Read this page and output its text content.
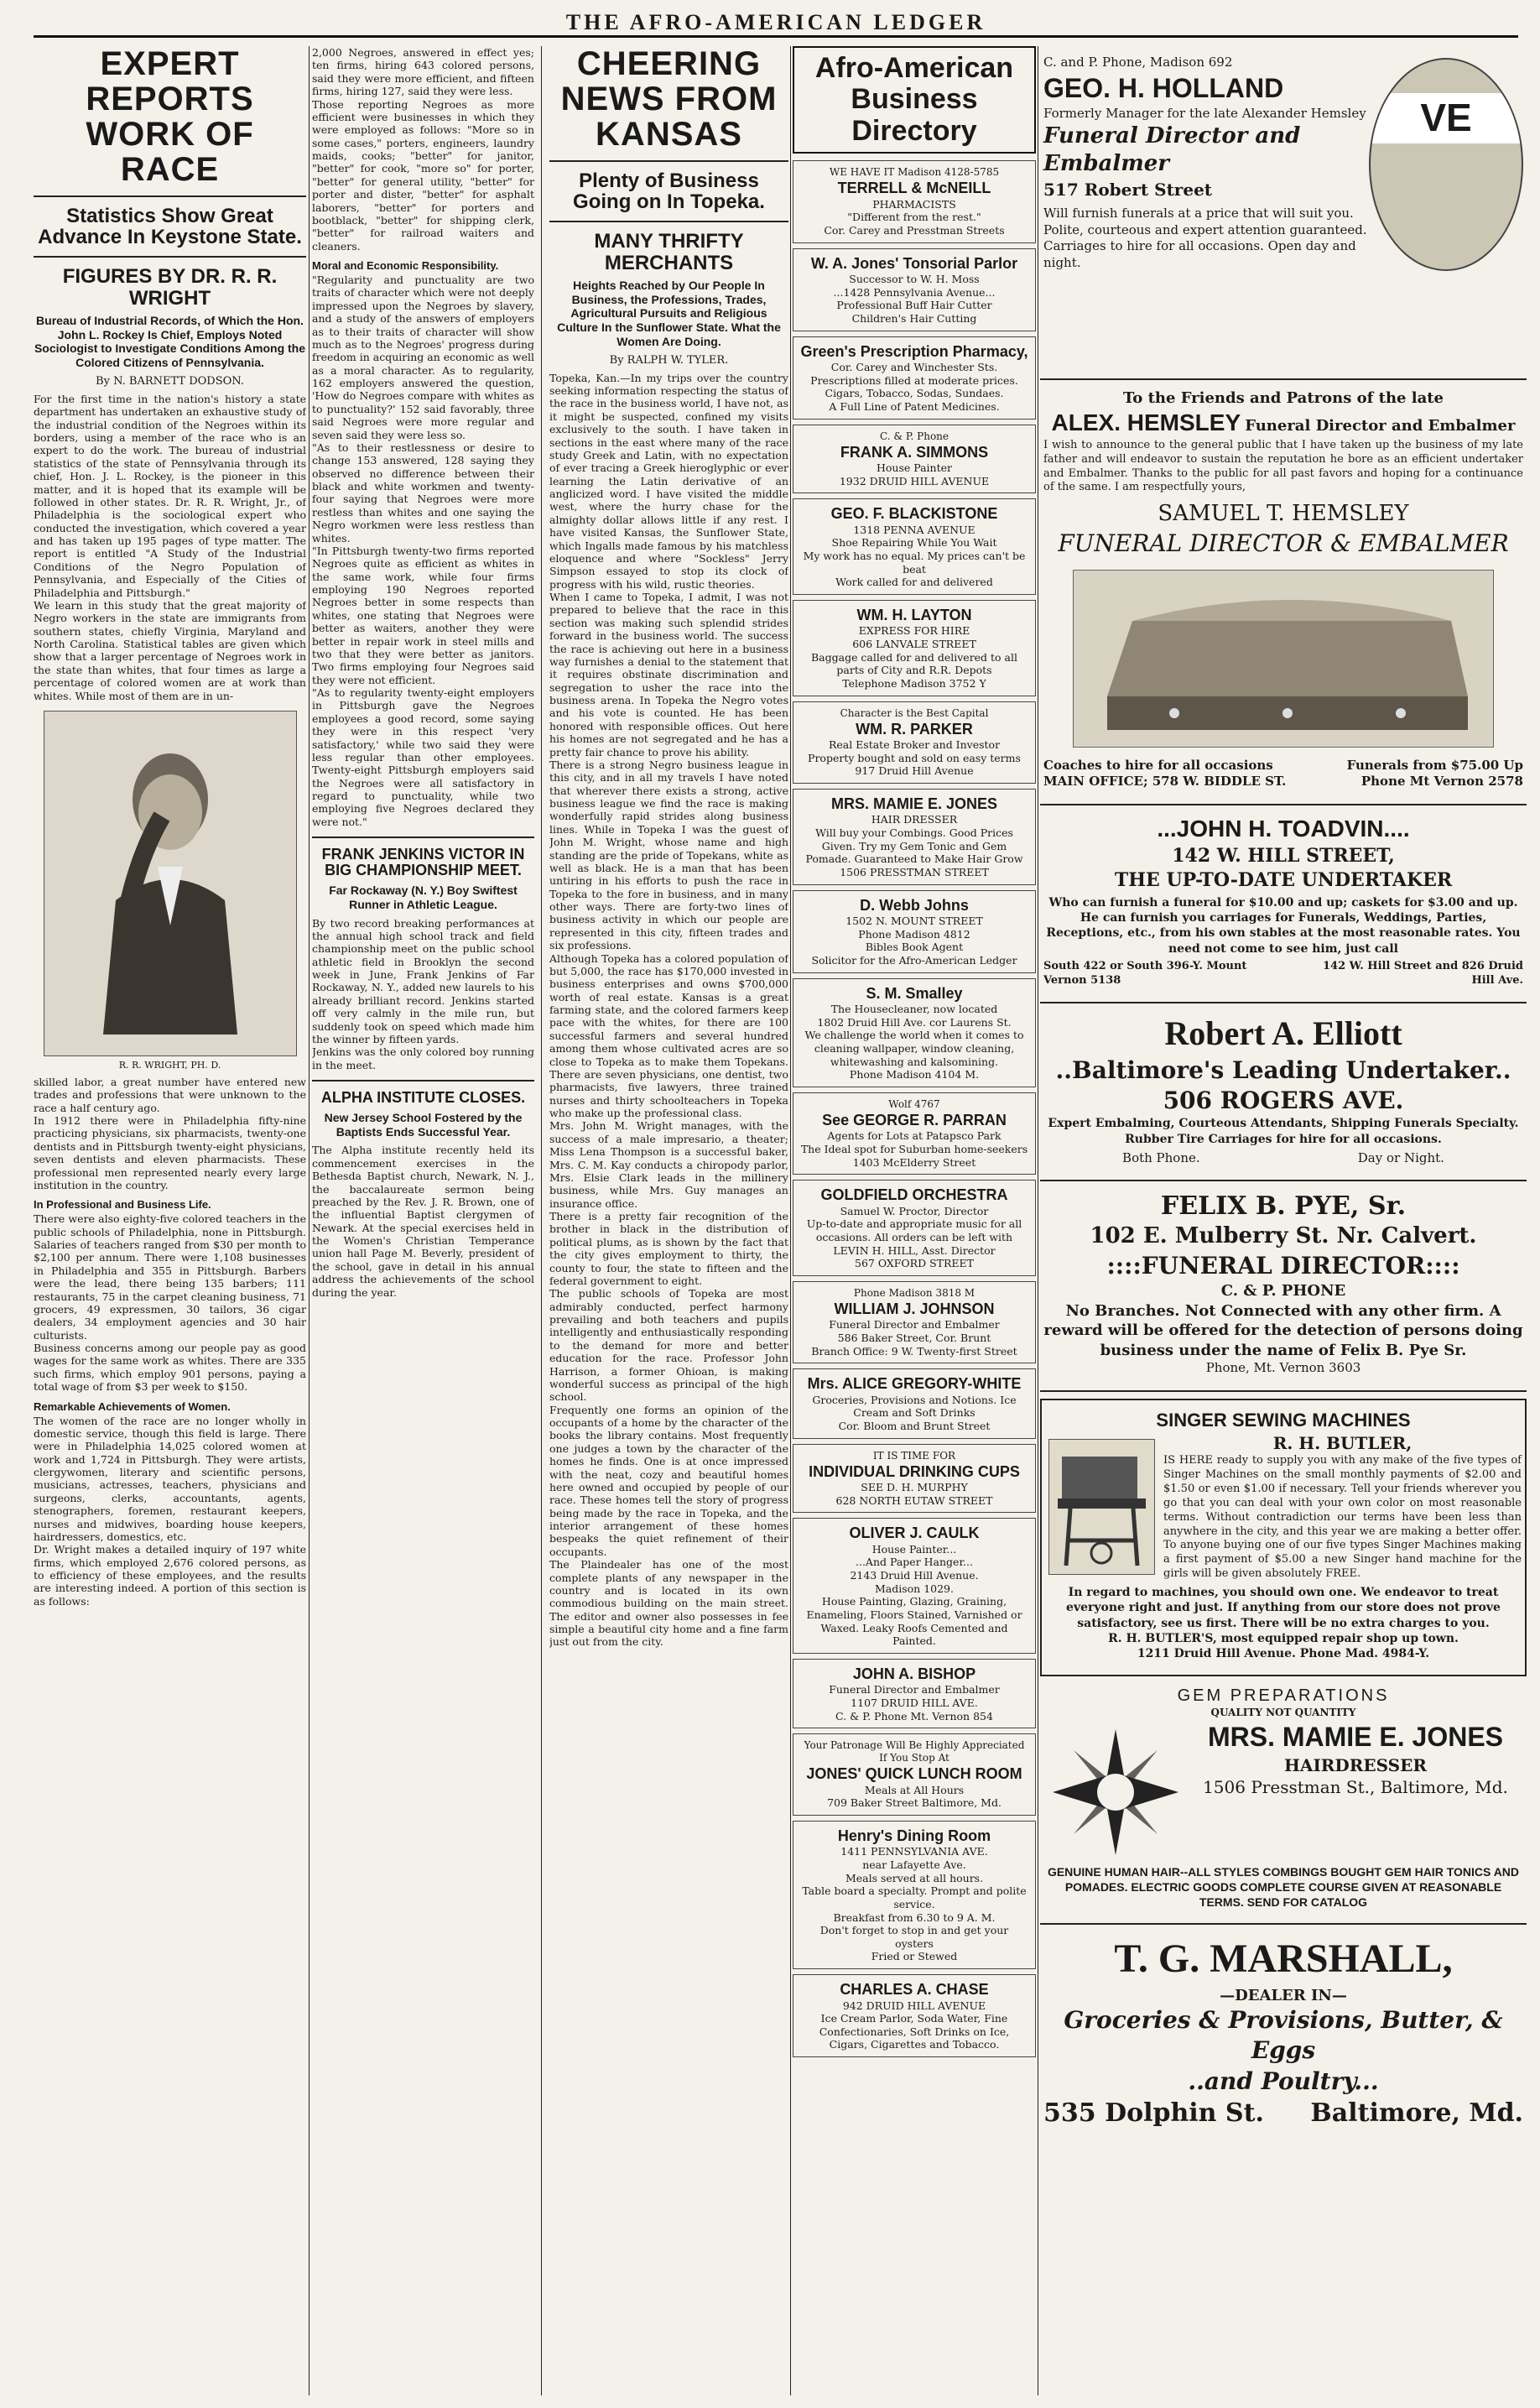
THE AFRO-AMERICAN LEDGER
EXPERT REPORTS WORK OF RACE
Statistics Show Great Advance In Keystone State.
FIGURES BY DR. R. R. WRIGHT
Bureau of Industrial Records, of Which the Hon. John L. Rockey Is Chief, Employs Noted Sociologist to Investigate Conditions Among the Colored Citizens of Pennsylvania.
By N. BARNETT DODSON.

For the first time in the nation's history a state department has undertaken an exhaustive study of the industrial condition of the Negroes within its borders, using a member of the race who is an expert to do the work. The bureau of industrial statistics of the state of Pennsylvania through its chief, Hon. J. L. Rockey, is the pioneer in this matter, and it is hoped that its example will be followed in other states. Dr. R. R. Wright, Jr., of Philadelphia is the sociological expert who conducted the investigation, which covered a year and has taken up 195 pages of type matter. The report is entitled "A Study of the Industrial Conditions of the Negro Population of Pennsylvania, and Especially of the Cities of Philadelphia and Pittsburgh."

We learn in this study that the great majority of Negro workers in the state are immigrants from southern states, chiefly Virginia, Maryland and North Carolina. Statistical tables are given which show that a larger percentage of Negroes work in the state than whites, that four times as large a percentage of colored women are at work than whites. While most of them are in un-

R. R. WRIGHT, PH. D.

skilled labor, a great number have entered new trades and professions that were unknown to the race a half century ago.

In 1912 there were in Philadelphia fifty-nine practicing physicians, six pharmacists, twenty-one dentists and in Pittsburgh twenty-eight physicians, seven dentists and eleven pharmacists. These professional men represented nearly every large institution in the country.

In Professional and Business Life.

There were also eighty-five colored teachers in the public schools of Philadelphia, none in Pittsburgh. Salaries of teachers ranged from $30 per month to $2,100 per annum. There were 1,108 businesses in Philadelphia and 355 in Pittsburgh. Barbers were the lead, there being 135 barbers; 111 restaurants, 75 in the carpet cleaning business, 71 grocers, 49 expressmen, 30 tailors, 36 cigar dealers, 34 employment agencies and 30 hair culturists.

Business concerns among our people pay as good wages for the same work as whites. There are 335 such firms, which employ 901 persons, paying a total wage of from $3 per week to $150.

Remarkable Achievements of Women.

The women of the race are no longer wholly in domestic service, though this field is large. There were in Philadelphia 14,025 colored women at work and 1,724 in Pittsburgh. They were artists, clergywomen, literary and scientific persons, musicians, actresses, teachers, physicians and surgeons, clerks, accountants, agents, stenographers, foremen, restaurant keepers, nurses and midwives, boarding house keepers, hairdressers, domestics, etc.

Dr. Wright makes a detailed inquiry of 197 white firms, which employed 2,676 colored persons, as to efficiency of these employees, and the results are interesting indeed. A portion of this section is as follows:

2,000 Negroes, answered in effect yes; ten firms, hiring 643 colored persons, said they were more efficient, and fifteen firms, hiring 127, said they were less.

Those reporting Negroes as more efficient were businesses in which they were employed as follows: "More so in some cases," porters, engineers, laundry maids, cooks; "better" for janitor, "better" for cook, "more so" for porter, "better" for general utility, "better" for porter and dister, "better" for asphalt laborers, "better" for porters and bootblack, "better" for shipping clerk, "better" for railroad waiters and cleaners.

Moral and Economic Responsibility.

"Regularity and punctuality are two traits of character which were not deeply impressed upon the Negroes by slavery, and a study of the answers of employers as to their traits of character will show much as to the Negroes' progress during freedom in acquiring an economic as well as a moral character. As to regularity, 162 employers answered the question, 'How do Negroes compare with whites as to punctuality?' 152 said favorably, three said Negroes were more regular and seven said they were less so.

"As to their restlessness or desire to change 153 answered, 128 saying they observed no difference between their black and white workmen and twenty-four saying that Negroes were more restless than whites and one saying the Negro workmen were less restless than whites.

"In Pittsburgh twenty-two firms reported Negroes quite as efficient as whites in the same work, while four firms employing 190 Negroes reported Negroes better in some respects than whites, one stating that Negroes were better as waiters, another they were better in repair work in steel mills and two that they were better as janitors. Two firms employing four Negroes said they were not efficient.

"As to regularity twenty-eight employers in Pittsburgh gave the Negroes employees a good record, some saying they were in this respect 'very satisfactory,' while two said they were less regular than other employees. Twenty-eight Pittsburgh employers said the Negroes were all satisfactory in regard to punctuality, while two employing five Negroes declared they were not."

FRANK JENKINS VICTOR IN BIG CHAMPIONSHIP MEET.
Far Rockaway (N. Y.) Boy Swiftest Runner in Athletic League.

By two record breaking performances at the annual high school track and field championship meet on the public school athletic field in Brooklyn the second week in June, Frank Jenkins of Far Rockaway, N. Y., added new laurels to his already brilliant record. Jenkins started off very calmly in the mile run, but suddenly took on speed which made him the winner by fifteen yards.

Jenkins was the only colored boy running in the meet.

ALPHA INSTITUTE CLOSES.
New Jersey School Fostered by the Baptists Ends Successful Year.

The Alpha institute recently held its commencement exercises in the Bethesda Baptist church, Newark, N. J., the baccalaureate sermon being preached by the Rev. J. R. Brown, one of the influential Baptist clergymen of Newark. At the special exercises held in the Women's Christian Temperance union hall Page M. Beverly, president of the school, gave in detail in his annual address the achievements of the school during the year.

CHEERING NEWS FROM KANSAS
Plenty of Business Going on In Topeka.
MANY THRIFTY MERCHANTS
Heights Reached by Our People In Business, the Professions, Trades, Agricultural Pursuits and Religious Culture In the Sunflower State. What the Women Are Doing.
By RALPH W. TYLER.

Topeka, Kan.—In my trips over the country seeking information respecting the status of the race in the business world, I have not, as it might be suspected, confined my visits exclusively to the south. I have taken in sections in the east where many of the race study Greek and Latin, with no expectation of ever tracing a Greek hieroglyphic or ever learning the Latin derivative of an anglicized word. I have visited the middle west, where the hurry chase for the almighty dollar allows little if any rest. I have visited Kansas, the Sunflower State, which Ingalls made famous by his matchless eloquence and where "Sockless" Jerry Simpson essayed to stop its clock of progress with his wild, rustic theories.

When I came to Topeka, I admit, I was not prepared to believe that the race in this section was making such splendid strides forward in the business world. The success the race is achieving out here in a business way furnishes a denial to the statement that it requires obstinate discrimination and segregation to usher the race into the business arena. In Topeka the Negro votes and his vote is counted. He has been honored with responsible offices. Out here his homes are not segregated and he has a pretty fair chance to prove his ability.

There is a strong Negro business league in this city, and in all my travels I have noted that wherever there exists a strong, active business league we find the race is making wonderfully rapid strides along business lines. While in Topeka I was the guest of John M. Wright, whose name and high standing are the pride of Topekans, white as well as black. He is a man that has been untiring in his efforts to push the race in Topeka to the fore in business, and in many other ways. There are forty-two lines of business activity in which our people are represented in this city, fifteen trades and six professions.

Although Topeka has a colored population of but 5,000, the race has $170,000 invested in business enterprises and owns $700,000 worth of real estate. Kansas is a great farming state, and the colored farmers keep pace with the whites, for there are 100 successful farmers and several hundred among them whose cultivated acres are so close to Topeka as to make them Topekans. There are seven physicians, one dentist, two pharmacists, five lawyers, three trained nurses and thirty schoolteachers in Topeka who make up the professional class.

Mrs. John M. Wright manages, with the success of a male impresario, a theater; Miss Lena Thompson is a successful baker, Mrs. C. M. Kay conducts a chiropody parlor, Mrs. Elsie Clark leads in the millinery business, while Mrs. Guy manages an insurance office.

There is a pretty fair recognition of the brother in black in the distribution of political plums, as is shown by the fact that the city gives employment to thirty, the county to four, the state to fifteen and the federal government to eight.

The public schools of Topeka are most admirably conducted, perfect harmony prevailing and both teachers and pupils intelligently and enthusiastically responding to the demand for more and better education for the race. Professor John Harrison, a former Ohioan, is making wonderful success as principal of the high school.

Frequently one forms an opinion of the occupants of a home by the character of the books the library contains. Most frequently one judges a town by the character of the homes he finds. One is at once impressed with the neat, cozy and beautiful homes here owned and occupied by people of our race. These homes tell the story of progress being made by the race in Topeka, and the interior arrangement of these homes bespeaks the quiet refinement of their occupants.

The Plaindealer has one of the most complete plants of any newspaper in the country and is located in its own commodious building on the main street. The editor and owner also possesses in fee simple a beautiful city home and a fine farm just out from the city.

Afro-American Business Directory
WE HAVE IT Madison 4128-5785
TERRELL & McNEILL
PHARMACISTS
"Different from the rest."
Cor. Carey and Presstman Streets
W. A. Jones' Tonsorial Parlor
Successor to W. H. Moss
...1428 Pennsylvania Avenue...
Professional Buff Hair Cutter
Children's Hair Cutting
Green's Prescription Pharmacy,
Cor. Carey and Winchester Sts.
Prescriptions filled at moderate prices.
Cigars, Tobacco, Sodas, Sundaes.
A Full Line of Patent Medicines.
C. & P. Phone
FRANK A. SIMMONS
House Painter
1932 DRUID HILL AVENUE
GEO. F. BLACKISTONE
1318 PENNA AVENUE
Shoe Repairing While You Wait
My work has no equal. My prices can't be beat
Work called for and delivered
WM. H. LAYTON
EXPRESS FOR HIRE
606 LANVALE STREET
Baggage called for and delivered to all parts of City and R.R. Depots
Telephone Madison 3752 Y
Character is the Best Capital
WM. R. PARKER
Real Estate Broker and Investor
Property bought and sold on easy terms
917 Druid Hill Avenue
MRS. MAMIE E. JONES
HAIR DRESSER
Will buy your Combings. Good Prices Given. Try my Gem Tonic and Gem Pomade. Guaranteed to Make Hair Grow
1506 PRESSTMAN STREET
D. Webb Johns
1502 N. MOUNT STREET
Phone Madison 4812
Bibles Book Agent
Solicitor for the Afro-American Ledger
S. M. Smalley
The Housecleaner, now located
1802 Druid Hill Ave. cor Laurens St.
We challenge the world when it comes to cleaning wallpaper, window cleaning, whitewashing and kalsomining.
Phone Madison 4104 M.
Wolf 4767
See GEORGE R. PARRAN
Agents for Lots at Patapsco Park
The Ideal spot for Suburban home-seekers
1403 McElderry Street
GOLDFIELD ORCHESTRA
Samuel W. Proctor, Director
Up-to-date and appropriate music for all occasions. All orders can be left with LEVIN H. HILL, Asst. Director
567 OXFORD STREET
Phone Madison 3818 M
WILLIAM J. JOHNSON
Funeral Director and Embalmer
586 Baker Street, Cor. Brunt
Branch Office: 9 W. Twenty-first Street
Mrs. ALICE GREGORY-WHITE
Groceries, Provisions and Notions. Ice Cream and Soft Drinks
Cor. Bloom and Brunt Street
IT IS TIME FOR
INDIVIDUAL DRINKING CUPS
SEE D. H. MURPHY
628 NORTH EUTAW STREET
OLIVER J. CAULK
House Painter...
...And Paper Hanger...
2143 Druid Hill Avenue.
Madison 1029.
House Painting, Glazing, Graining, Enameling, Floors Stained, Varnished or Waxed. Leaky Roofs Cemented and Painted.
JOHN A. BISHOP
Funeral Director and Embalmer
1107 DRUID HILL AVE.
C. & P. Phone Mt. Vernon 854
Your Patronage Will Be Highly Appreciated If You Stop At
JONES' QUICK LUNCH ROOM
Meals at All Hours
709 Baker Street Baltimore, Md.
Henry's Dining Room
1411 PENNSYLVANIA AVE.
near Lafayette Ave.
Meals served at all hours.
Table board a specialty. Prompt and polite service.
Breakfast from 6.30 to 9 A. M.
Don't forget to stop in and get your oysters
Fried or Stewed
CHARLES A. CHASE
942 DRUID HILL AVENUE
Ice Cream Parlor, Soda Water, Fine Confectionaries, Soft Drinks on Ice, Cigars, Cigarettes and Tobacco.
C. and P. Phone, Madison 692
GEO. H. HOLLAND
Formerly Manager for the late Alexander Hemsley
Funeral Director and
Embalmer
517 Robert Street
Will furnish funerals at a price that will suit you. Polite, courteous and expert attention guaranteed. Carriages to hire for all occasions. Open day and night.
VE
To the Friends and Patrons of the late
ALEX. HEMSLEY Funeral Director and Embalmer
I wish to announce to the general public that I have taken up the business of my late father and will endeavor to sustain the reputation he bore as an efficient undertaker and Embalmer. Thanks to the public for all past favors and hoping for a continuance of the same. I am respectfully yours,
SAMUEL T. HEMSLEY
FUNERAL DIRECTOR & EMBALMER
Coaches to hire for all occasions	Funerals from $75.00 Up
MAIN OFFICE; 578 W. BIDDLE ST.	Phone Mt Vernon 2578
...JOHN H. TOADVIN....
142 W. HILL STREET,
THE UP-TO-DATE UNDERTAKER
Who can furnish a funeral for $10.00 and up; caskets for $3.00 and up. He can furnish you carriages for Funerals, Weddings, Parties, Receptions, etc., from his own stables at the most reasonable rates. You need not come to see him, just call
South 422 or South 396-Y. Mount Vernon 5138
142 W. Hill Street and 826 Druid Hill Ave.
Robert A. Elliott
..Baltimore's Leading Undertaker..
506 ROGERS AVE.
Expert Embalming, Courteous Attendants, Shipping Funerals Specialty. Rubber Tire Carriages for hire for all occasions.
Both Phone.	Day or Night.
FELIX B. PYE, Sr.
102 E. Mulberry St. Nr. Calvert.
::::FUNERAL DIRECTOR::::
C. & P. PHONE
No Branches. Not Connected with any other firm. A reward will be offered for the detection of persons doing business under the name of Felix B. Pye Sr.
Phone, Mt. Vernon 3603
SINGER SEWING MACHINES
R. H. BUTLER,
IS HERE ready to supply you with any make of the five types of Singer Machines on the small monthly payments of $2.00 and $1.50 or even $1.00 if necessary. Tell your friends wherever you go that you can deal with your own color on most reasonable terms. Without contradiction our terms have been less than anywhere in the city, and this year we are making a better offer. To anyone buying one of our five types Singer Machines making a first payment of $5.00 a new Singer hand machine for the girls will be given absolutely FREE.
In regard to machines, you should own one. We endeavor to treat everyone right and just. If anything from our store does not prove satisfactory, see us first. There will be no extra charges to you.
R. H. BUTLER'S, most equipped repair shop up town.
1211 Druid Hill Avenue. Phone Mad. 4984-Y.
GEM PREPARATIONS
QUALITY NOT QUANTITY
MRS. MAMIE E. JONES
HAIRDRESSER
1506 Presstman St., Baltimore, Md.
GENUINE HUMAN HAIR--ALL STYLES COMBINGS BOUGHT GEM HAIR TONICS AND POMADES. ELECTRIC GOODS COMPLETE COURSE GIVEN AT REASONABLE TERMS. SEND FOR CATALOG
T. G. MARSHALL,
—DEALER IN—
Groceries & Provisions, Butter, & Eggs
..and Poultry...
535 Dolphin St. Baltimore, Md.
